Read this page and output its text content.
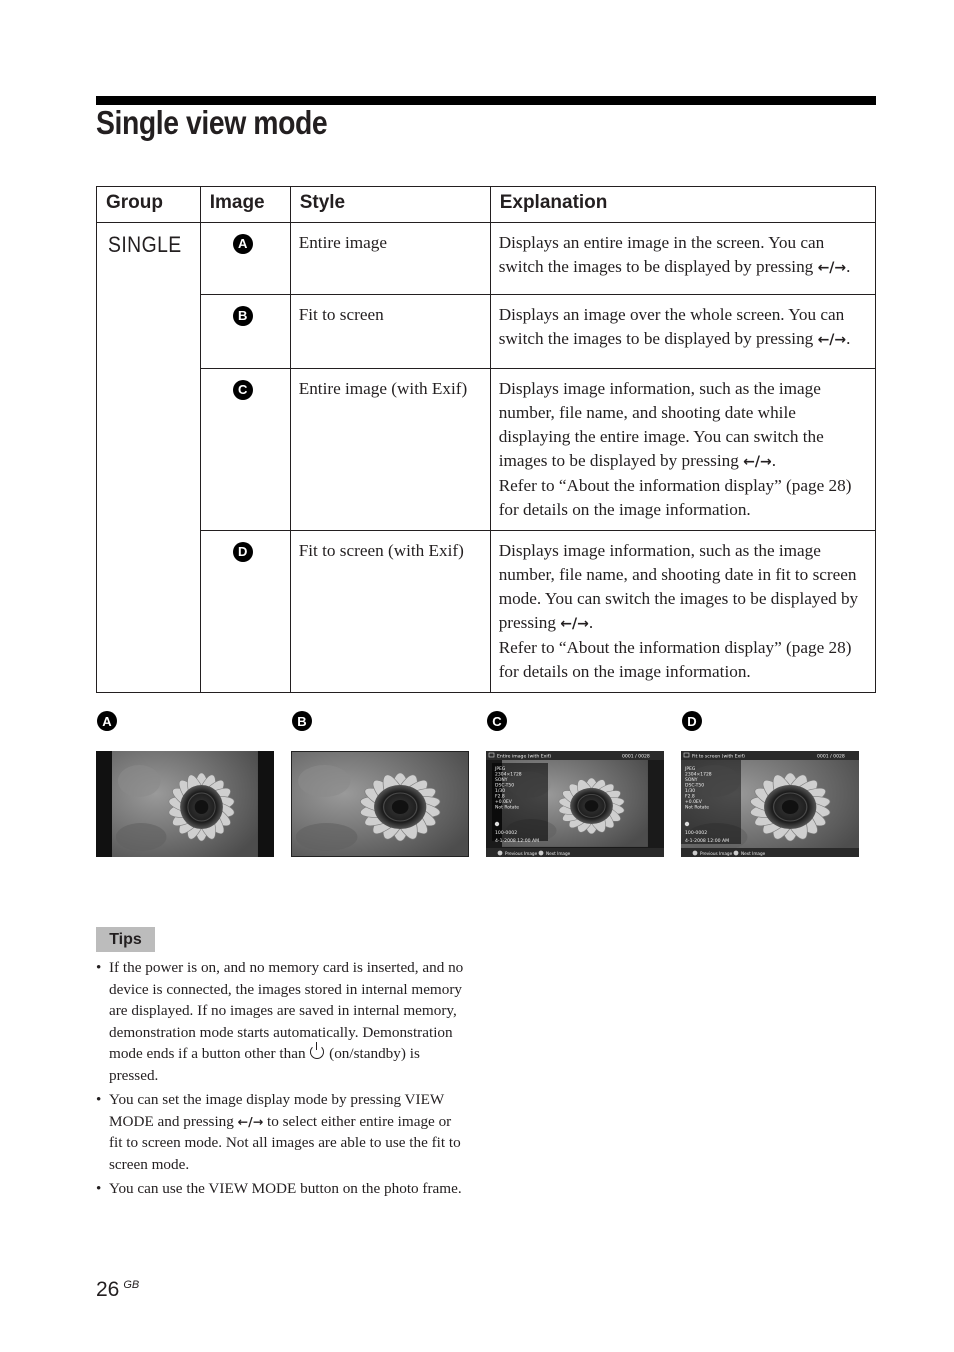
Single view mode
Group	Image	Style	Explanation
SINGLE	A	Entire image	Displays an entire image in the screen. You can switch the images to be displayed by pressing ←/→.
	B	Fit to screen	Displays an image over the whole screen. You can switch the images to be displayed by pressing ←/→.
	C	Entire image (with Exif)	Displays image information, such as the image number, file name, and shooting date while displaying the entire image. You can switch the images to be displayed by pressing ←/→.
Refer to “About the information display” (page 28) for details on the image information.
	D	Fit to screen (with Exif)	Displays image information, such as the image number, file name, and shooting date in fit to screen mode. You can switch the images to be displayed by pressing ←/→.
Refer to “About the information display” (page 28) for details on the image information.
A	B	C	D
Entire image (with Exif)	0001 / 0028
JPEG
2304×1728
SONY
DSC-T50
1/30
F2.8
+0.0EV
Not Rotate
100-0002
4-1-2008 12:00 AM
Previous Image Next Image
Fit to screen (with Exif)	0001 / 0028
JPEG
2304×1728
SONY
DSC-T50
1/30
F2.8
+0.0EV
Not Rotate
100-0002
4-1-2008 12:00 AM
Previous Image Next Image
Tips
• If the power is on, and no memory card is inserted, and no device is connected, the images stored in internal memory are displayed. If no images are saved in internal memory, demonstration mode starts automatically. Demonstration mode ends if a button other than  (on/standby) is pressed.
• You can set the image display mode by pressing VIEW MODE and pressing ←/→ to select either entire image or fit to screen mode. Not all images are able to use the fit to screen mode.
• You can use the VIEW MODE button on the photo frame.
26 $^{GB}$
